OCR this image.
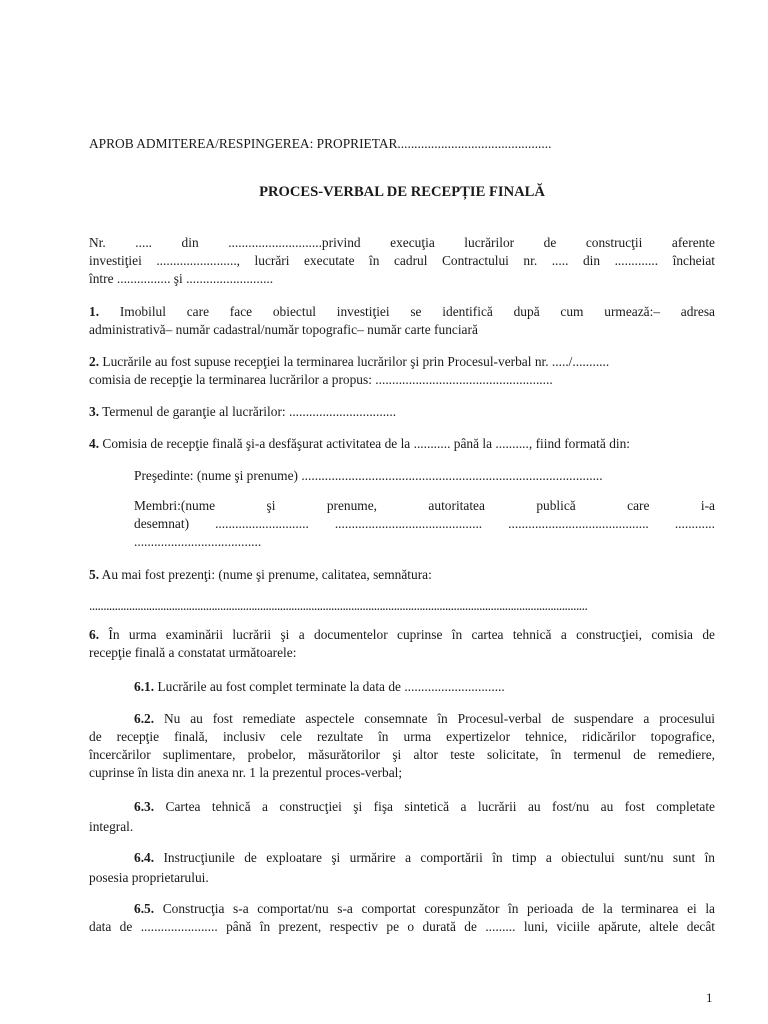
APROB ADMITEREA/RESPINGEREA: PROPRIETAR..............................................

PROCES-VERBAL DE RECEPȚIE FINALĂ

Nr. ..... din ............................privind execuţia lucrărilor de construcţii aferente

investiţiei ........................, lucrări executate în cadrul Contractului nr. ..... din ............. încheiat

între ................ şi ..........................

1. Imobilul care face obiectul investiţiei se identifică după cum urmează:– adresa

administrativă– număr cadastral/număr topografic– număr carte funciară

2. Lucrările au fost supuse recepţiei la terminarea lucrărilor şi prin Procesul-verbal nr. ...../...........

comisia de recepţie la terminarea lucrărilor a propus: .....................................................

3. Termenul de garanţie al lucrărilor: ................................

4. Comisia de recepţie finală şi-a desfăşurat activitatea de la ........... până la .........., fiind formată din:

Preşedinte: (nume şi prenume) ..........................................................................................

Membri:(nume şi prenume, autoritatea publică care i-a

desemnat) ............................ ............................................ .......................................... ............

......................................

5. Au mai fost prezenţi: (nume şi prenume, calitatea, semnătura:

...............................................................................................................................................................................

6. În urma examinării lucrării şi a documentelor cuprinse în cartea tehnică a construcţiei, comisia de

recepţie finală a constatat următoarele:

6.1. Lucrările au fost complet terminate la data de ..............................

6.2. Nu au fost remediate aspectele consemnate în Procesul-verbal de suspendare a procesului

de recepţie finală, inclusiv cele rezultate în urma expertizelor tehnice, ridicărilor topografice,

încercărilor suplimentare, probelor, măsurătorilor şi altor teste solicitate, în termenul de remediere,

cuprinse în lista din anexa nr. 1 la prezentul proces-verbal;

6.3. Cartea tehnică a construcţiei şi fişa sintetică a lucrării au fost/nu au fost completate

integral.

6.4. Instrucţiunile de exploatare şi urmărire a comportării în timp a obiectului sunt/nu sunt în

posesia proprietarului.

6.5. Construcţia s-a comportat/nu s-a comportat corespunzător în perioada de la terminarea ei la

data de ....................... până în prezent, respectiv pe o durată de ......... luni, viciile apărute, altele decât

1
